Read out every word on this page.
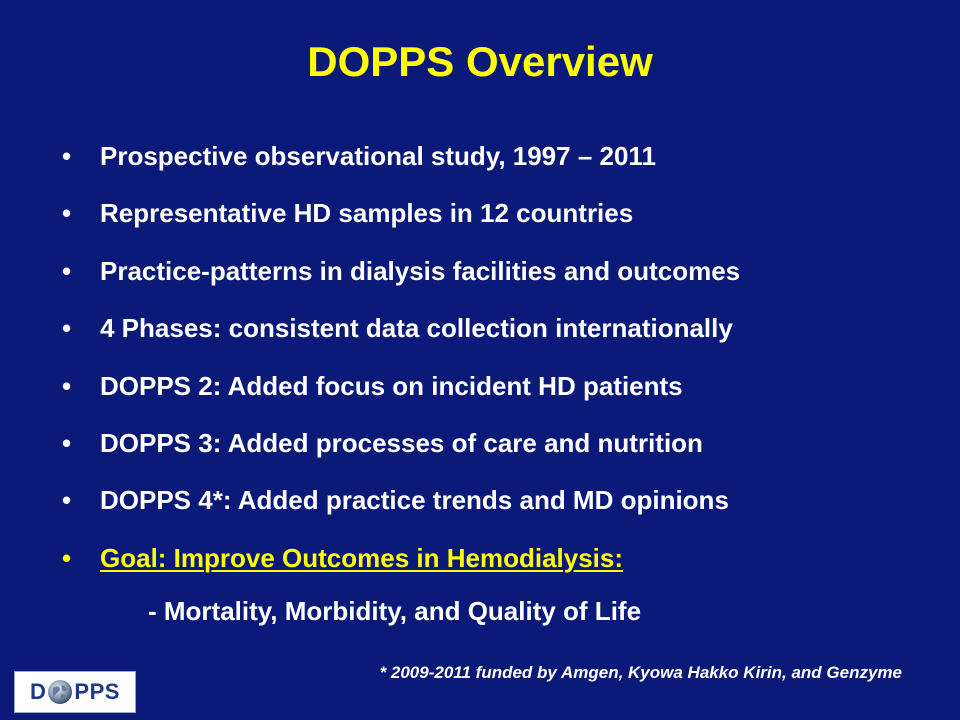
DOPPS Overview
• Prospective observational study, 1997 – 2011
• Representative HD samples in 12 countries
• Practice-patterns in dialysis facilities and outcomes
• 4 Phases: consistent data collection internationally
• DOPPS 2: Added focus on incident HD patients
• DOPPS 3: Added processes of care and nutrition
• DOPPS 4*: Added practice trends and MD opinions
• Goal: Improve Outcomes in Hemodialysis:
- Mortality, Morbidity, and Quality of Life
* 2009-2011 funded by Amgen, Kyowa Hakko Kirin, and Genzyme
D PPS
